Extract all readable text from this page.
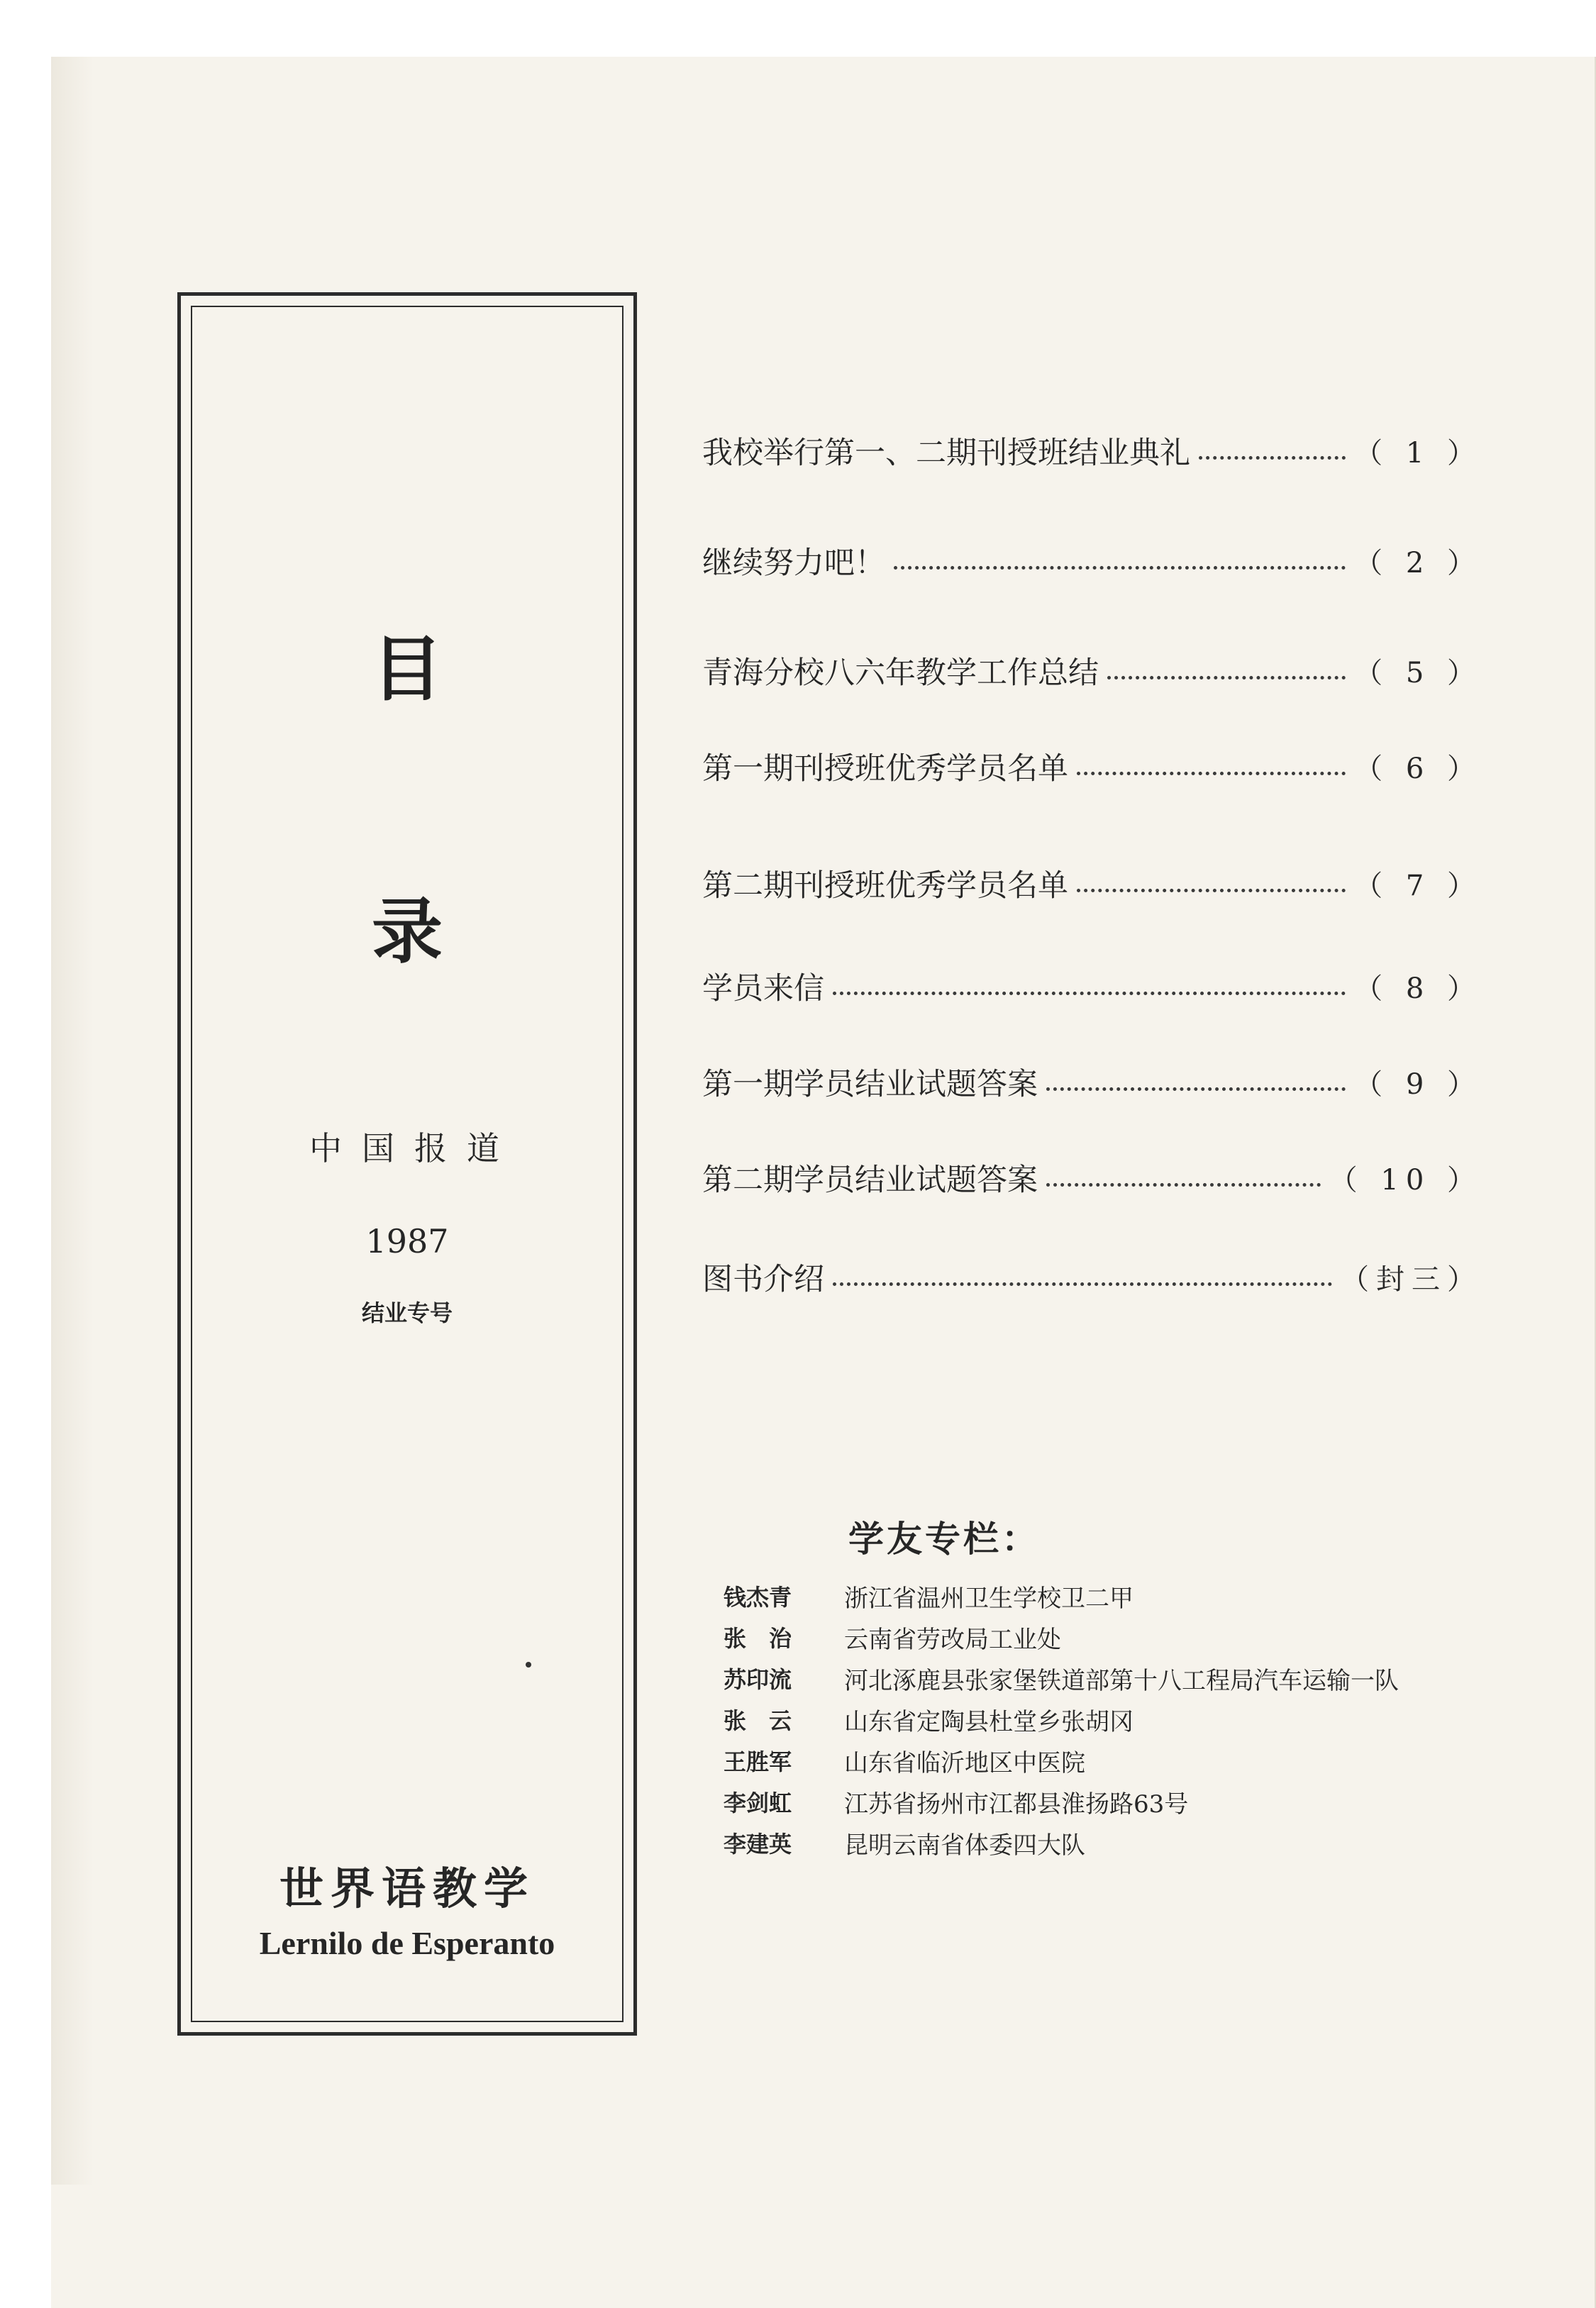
目
录
中国报道
1987
结业专号
世界语教学
Lernilo de Esperanto
我校举行第一、二期刊授班结业典礼	（ 1 ）
继续努力吧！	（ 2 ）
青海分校八六年教学工作总结	（ 5 ）
第一期刊授班优秀学员名单	（ 6 ）
第二期刊授班优秀学员名单	（ 7 ）
学员来信	（ 8 ）
第一期学员结业试题答案	（ 9 ）
第二期学员结业试题答案	（ 10 ）
图书介绍	（封三）
学友专栏：
钱杰青	浙江省温州卫生学校卫二甲
张　治	云南省劳改局工业处
苏印流	河北涿鹿县张家堡铁道部第十八工程局汽车运输一队
张　云	山东省定陶县杜堂乡张胡冈
王胜军	山东省临沂地区中医院
李剑虹	江苏省扬州市江都县淮扬路63号
李建英	昆明云南省体委四大队
